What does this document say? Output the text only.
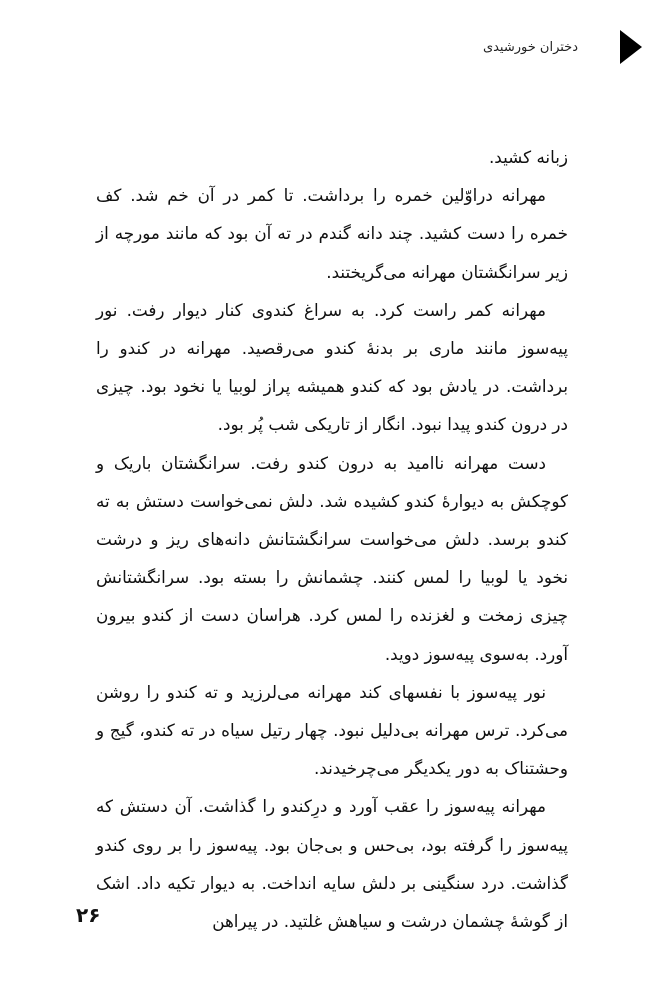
دختران خورشیدی

زبانه کشید.

مهرانه دراوّلین خمره را برداشت. تا کمر در آن خم شد. کف خمره را دست کشید. چند دانه گندم در ته آن بود که مانند مورچه از زیر سرانگشتان مهرانه می‌گریختند.

مهرانه کمر راست کرد. به سراغ کندوی کنار دیوار رفت. نور پیه‌سوز مانند ماری بر بدنهٔ کندو می‌رقصید. مهرانه در کندو را برداشت. در یادش بود که کندو همیشه پراز لوبیا یا نخود بود. چیزی در درون کندو پیدا نبود. انگار از تاریکی شب پُر بود.

دست مهرانه ناامید به درون کندو رفت. سرانگشتان باریک و کوچکش به دیوارهٔ کندو کشیده شد. دلش نمی‌خواست دستش به ته کندو برسد. دلش می‌خواست سرانگشتانش دانه‌های ریز و درشت نخود یا لوبیا را لمس کنند. چشمانش را بسته بود. سرانگشتانش چیزی زمخت و لغزنده را لمس کرد. هراسان دست از کندو بیرون آورد. به‌سوی پیه‌سوز دوید.

نور پیه‌سوز با نفسهای کند مهرانه می‌لرزید و ته کندو را روشن می‌کرد. ترس مهرانه بی‌دلیل نبود. چهار رتیل سیاه در ته کندو، گیج و وحشتناک به دور یکدیگر می‌چرخیدند.

مهرانه پیه‌سوز را عقب آورد و درِکندو را گذاشت. آن دستش که پیه‌سوز را گرفته بود، بی‌حس و بی‌جان بود. پیه‌سوز را بر روی کندو گذاشت. درد سنگینی بر دلش سایه انداخت. به دیوار تکیه داد. اشک از گوشهٔ چشمان درشت و سیاهش غلتید. در پیراهن

۲۶
